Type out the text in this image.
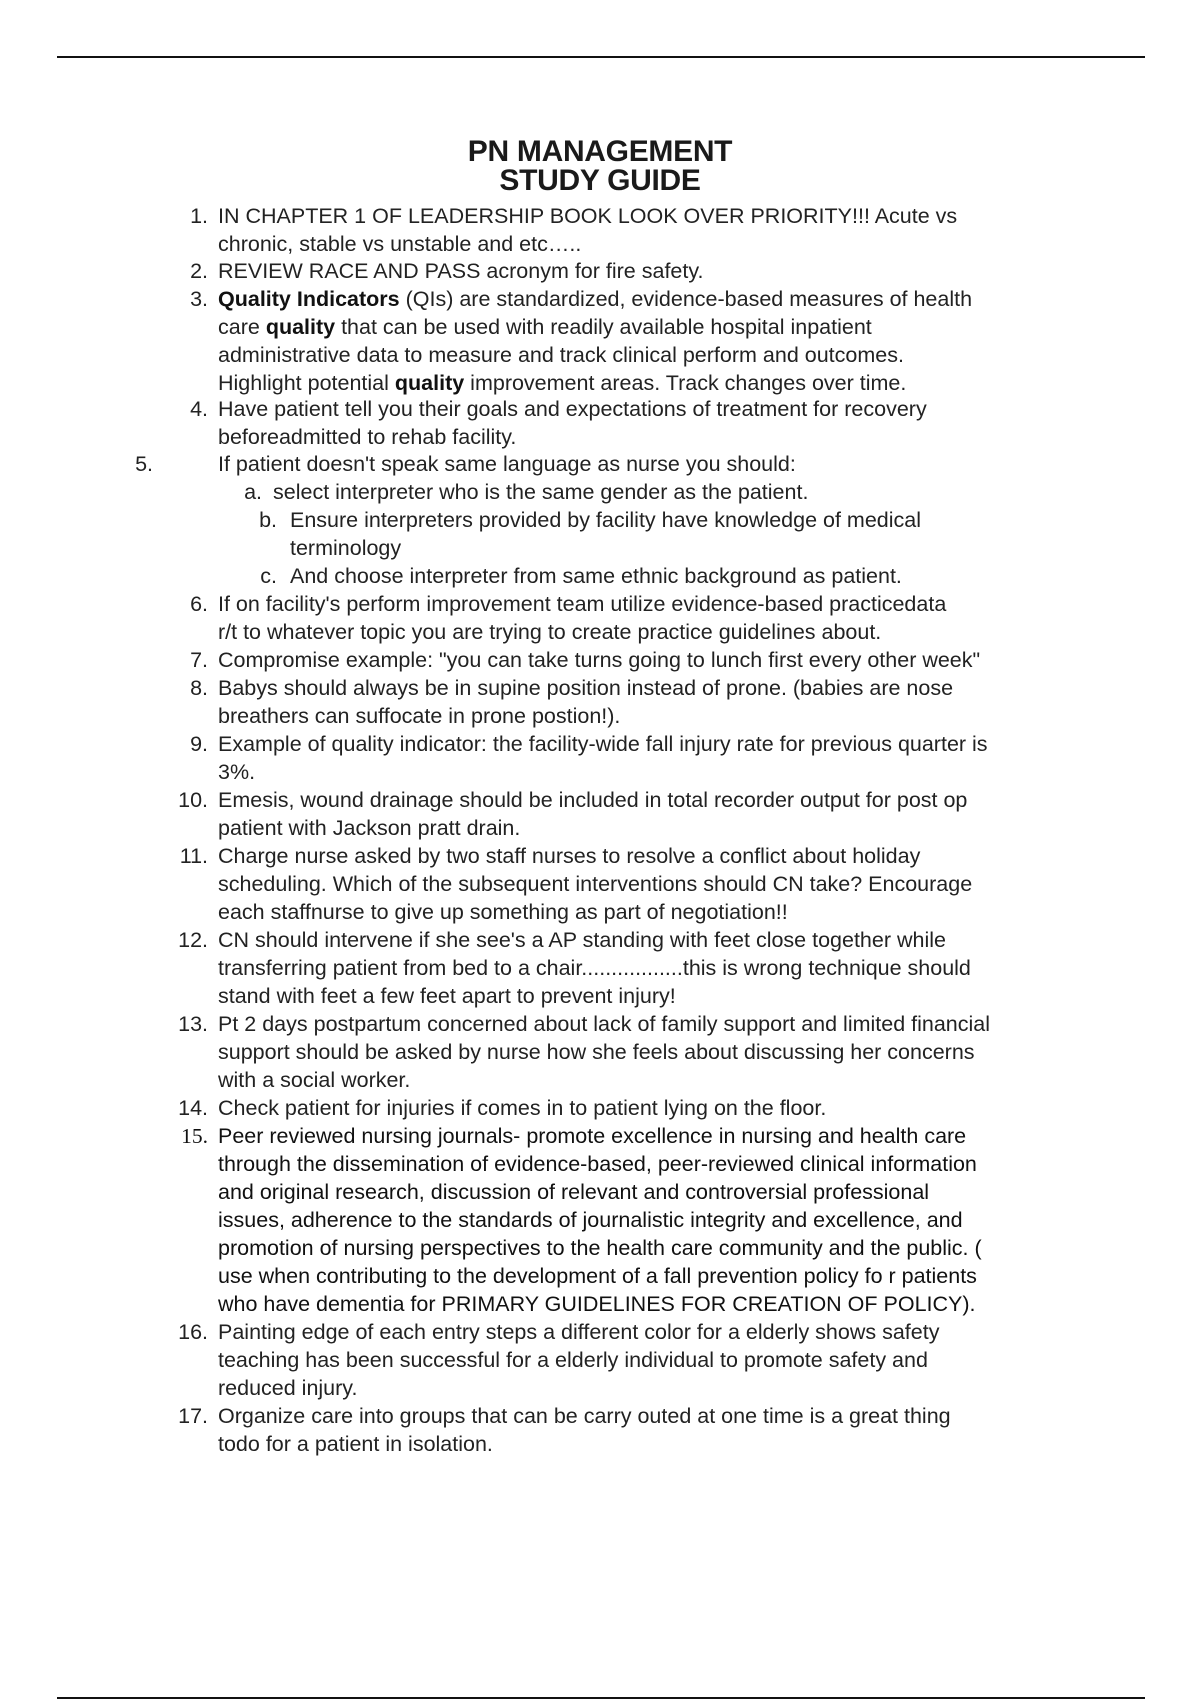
PN MANAGEMENT
STUDY GUIDE
1. IN CHAPTER 1 OF LEADERSHIP BOOK LOOK OVER PRIORITY!!! Acute vs
chronic, stable vs unstable and etc…..
2. REVIEW RACE AND PASS acronym for fire safety.
3. Quality Indicators (QIs) are standardized, evidence-based measures of health
care quality that can be used with readily available hospital inpatient
administrative data to measure and track clinical perform and outcomes.
Highlight potential quality improvement areas. Track changes over time.
4. Have patient tell you their goals and expectations of treatment for recovery
beforeadmitted to rehab facility.
5.	If patient doesn't speak same language as nurse you should:
a. select interpreter who is the same gender as the patient.
b. Ensure interpreters provided by facility have knowledge of medical
terminology
c. And choose interpreter from same ethnic background as patient.
6. If on facility's perform improvement team utilize evidence-based practicedata
r/t to whatever topic you are trying to create practice guidelines about.
7. Compromise example: "you can take turns going to lunch first every other week"
8. Babys should always be in supine position instead of prone. (babies are nose
breathers can suffocate in prone postion!).
9. Example of quality indicator: the facility-wide fall injury rate for previous quarter is
3%.
10. Emesis, wound drainage should be included in total recorder output for post op
patient with Jackson pratt drain.
11. Charge nurse asked by two staff nurses to resolve a conflict about holiday
scheduling. Which of the subsequent interventions should CN take? Encourage
each staffnurse to give up something as part of negotiation!!
12. CN should intervene if she see's a AP standing with feet close together while
transferring patient from bed to a chair.................this is wrong technique should
stand with feet a few feet apart to prevent injury!
13. Pt 2 days postpartum concerned about lack of family support and limited financial
support should be asked by nurse how she feels about discussing her concerns
with a social worker.
14. Check patient for injuries if comes in to patient lying on the floor.
15. Peer reviewed nursing journals- promote excellence in nursing and health care
through the dissemination of evidence-based, peer-reviewed clinical information
and original research, discussion of relevant and controversial professional
issues, adherence to the standards of journalistic integrity and excellence, and
promotion of nursing perspectives to the health care community and the public. (
use when contributing to the development of a fall prevention policy fo r patients
who have dementia for PRIMARY GUIDELINES FOR CREATION OF POLICY).
16. Painting edge of each entry steps a different color for a elderly shows safety
teaching has been successful for a elderly individual to promote safety and
reduced injury.
17. Organize care into groups that can be carry outed at one time is a great thing
todo for a patient in isolation.
